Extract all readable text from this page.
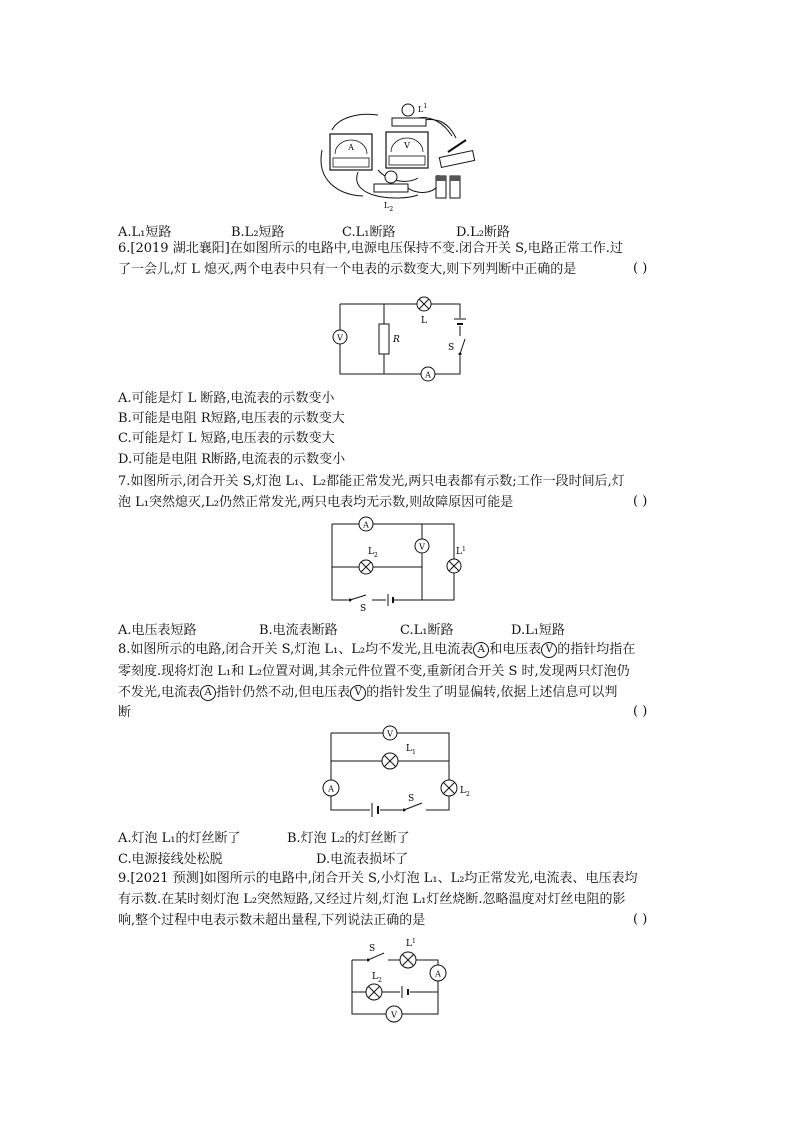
A	V
$L^1$
$L_2$
A.L₁短路	B.L₂短路	C.L₁断路	D.L₂断路
6.[2019 湖北襄阳]在如图所示的电路中,电源电压保持不变.闭合开关 S,电路正常工作.过
了一会儿,灯 L 熄灭,两个电表中只有一个电表的示数变大,则下列判断中正确的是	( )
V	R
L
S
A
A.可能是灯 L 断路,电流表的示数变小
B.可能是电阻 R短路,电压表的示数变大
C.可能是灯 L 短路,电压表的示数变大
D.可能是电阻 R断路,电流表的示数变小
7.如图所示,闭合开关 S,灯泡 L₁、L₂都能正常发光,两只电表都有示数;工作一段时间后,灯
泡 L₁突然熄灭,L₂仍然正常发光,两只电表均无示数,则故障原因可能是	( )
A
$L_2$
V	$L^1$
S
A.电压表短路	B.电流表断路	C.L₁断路	D.L₁短路
8.如图所示的电路,闭合开关 S,灯泡 L₁、L₂均不发光,且电流表 A 和电压表 V 的指针均指在
零刻度.现将灯泡 L₁和 L₂位置对调,其余元件位置不变,重新闭合开关 S 时,发现两只灯泡仍
不发光,电流表 A 指针仍然不动,但电压表 V 的指针发生了明显偏转,依据上述信息可以判
断	( )
V
$L_1$
A	$L_2$
S
A.灯泡 L₁的灯丝断了	B.灯泡 L₂的灯丝断了
C.电源接线处松脱	D.电流表损坏了
9.[2021 预测]如图所示的电路中,闭合开关 S,小灯泡 L₁、L₂均正常发光,电流表、电压表均
有示数.在某时刻灯泡 L₂突然短路,又经过片刻,灯泡 L₁灯丝烧断.忽略温度对灯丝电阻的影
响,整个过程中电表示数未超出量程,下列说法正确的是	( )
S	$L^1$
A
$L_2$
V
